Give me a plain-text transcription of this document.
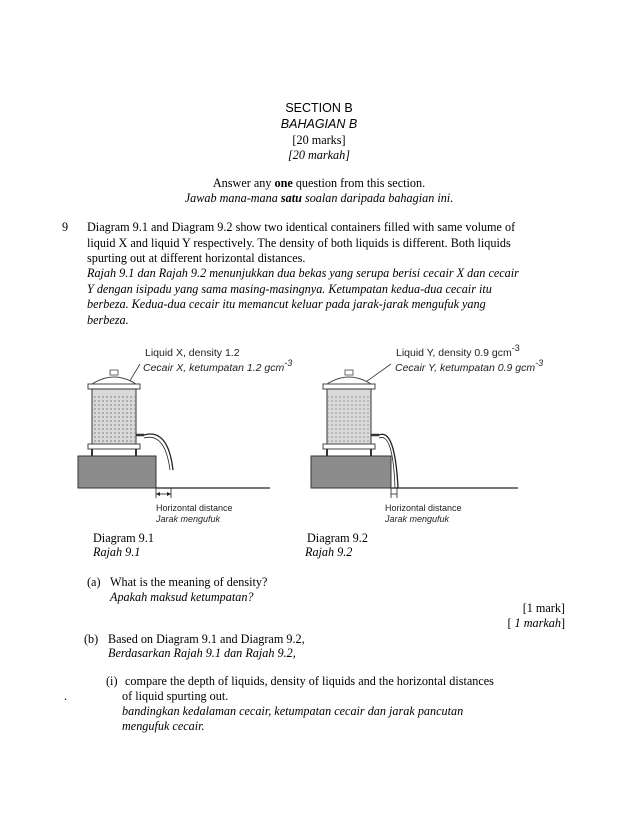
SECTION B
BAHAGIAN B
[20 marks]
[20 markah]
Answer any one question from this section.
Jawab mana-mana satu soalan daripada bahagian ini.
9 Diagram 9.1 and Diagram 9.2 show two identical containers filled with same volume of liquid X and liquid Y respectively. The density of both liquids is different. Both liquids spurting out at different horizontal distances.
Rajah 9.1 dan Rajah 9.2 menunjukkan dua bekas yang serupa berisi cecair X dan cecair Y dengan isipadu yang sama masing-masingnya. Ketumpatan kedua-dua cecair itu berbeza. Kedua-dua cecair itu memancut keluar pada jarak-jarak mengufuk yang berbeza.
Liquid X, density 1.2
Cecair X, ketumpatan 1.2 gcm-3
Horizontal distance
Jarak mengufuk
Liquid Y, density 0.9 gcm-3
Cecair Y, ketumpatan 0.9 gcm-3
Horizontal distance
Jarak mengufuk
Diagram 9.1
Rajah 9.1
Diagram 9.2
Rajah 9.2
(a) What is the meaning of density?
Apakah maksud ketumpatan?
[1 mark]
[ 1 markah]
(b) Based on Diagram 9.1 and Diagram 9.2,
Berdasarkan Rajah 9.1 dan Rajah 9.2,
(i) compare the depth of liquids, density of liquids and the horizontal distances
.	of liquid spurting out.
bandingkan kedalaman cecair, ketumpatan cecair dan jarak pancutan
mengufuk cecair.
